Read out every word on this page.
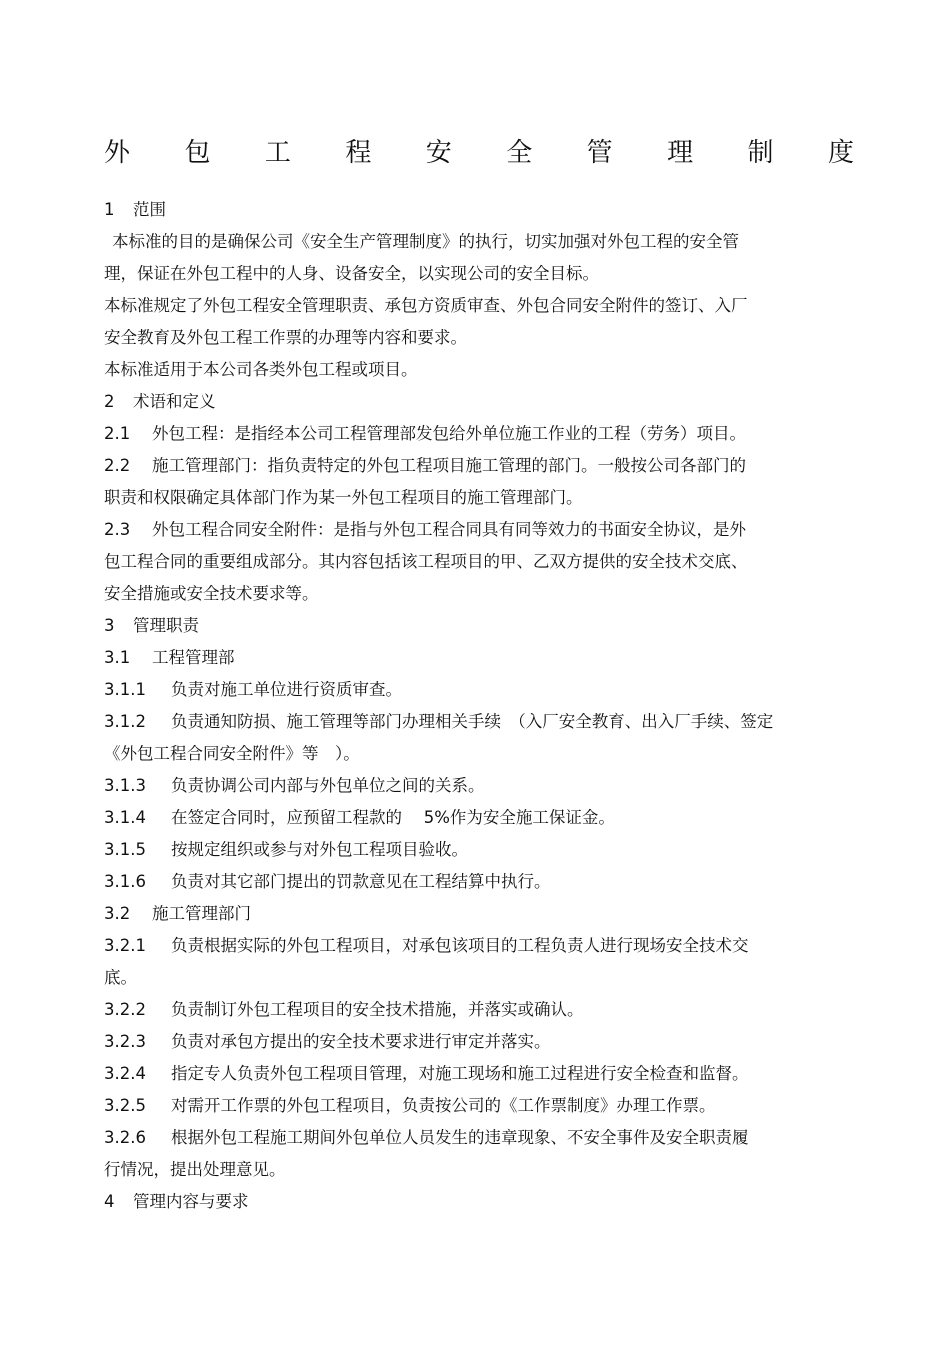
外 包 工 程 安 全 管 理 制 度
1 范围
本标准的目的是确保公司《安全生产管理制度》的执行，切实加强对外包工程的安全管
理，保证在外包工程中的人身、设备安全，以实现公司的安全目标。
本标准规定了外包工程安全管理职责、承包方资质审查、外包合同安全附件的签订、入厂
安全教育及外包工程工作票的办理等内容和要求。
本标准适用于本公司各类外包工程或项目。
2 术语和定义
2.1 外包工程：是指经本公司工程管理部发包给外单位施工作业的工程（劳务）项目。
2.2 施工管理部门：指负责特定的外包工程项目施工管理的部门。一般按公司各部门的
职责和权限确定具体部门作为某一外包工程项目的施工管理部门。
2.3 外包工程合同安全附件：是指与外包工程合同具有同等效力的书面安全协议，是外
包工程合同的重要组成部分。其内容包括该工程项目的甲、乙双方提供的安全技术交底、
安全措施或安全技术要求等。
3 管理职责
3.1 工程管理部
3.1.1 负责对施工单位进行资质审查。
3.1.2 负责通知防损、施工管理等部门办理相关手续　（入厂安全教育、出入厂手续、签定
《外包工程合同安全附件》等　）。
3.1.3 负责协调公司内部与外包单位之间的关系。
3.1.4 在签定合同时，应预留工程款的　 5%作为安全施工保证金。
3.1.5 按规定组织或参与对外包工程项目验收。
3.1.6 负责对其它部门提出的罚款意见在工程结算中执行。
3.2 施工管理部门
3.2.1 负责根据实际的外包工程项目，对承包该项目的工程负责人进行现场安全技术交
底。
3.2.2 负责制订外包工程项目的安全技术措施，并落实或确认。
3.2.3 负责对承包方提出的安全技术要求进行审定并落实。
3.2.4 指定专人负责外包工程项目管理，对施工现场和施工过程进行安全检查和监督。
3.2.5 对需开工作票的外包工程项目，负责按公司的《工作票制度》办理工作票。
3.2.6 根据外包工程施工期间外包单位人员发生的违章现象、不安全事件及安全职责履
行情况，提出处理意见。
4 管理内容与要求
